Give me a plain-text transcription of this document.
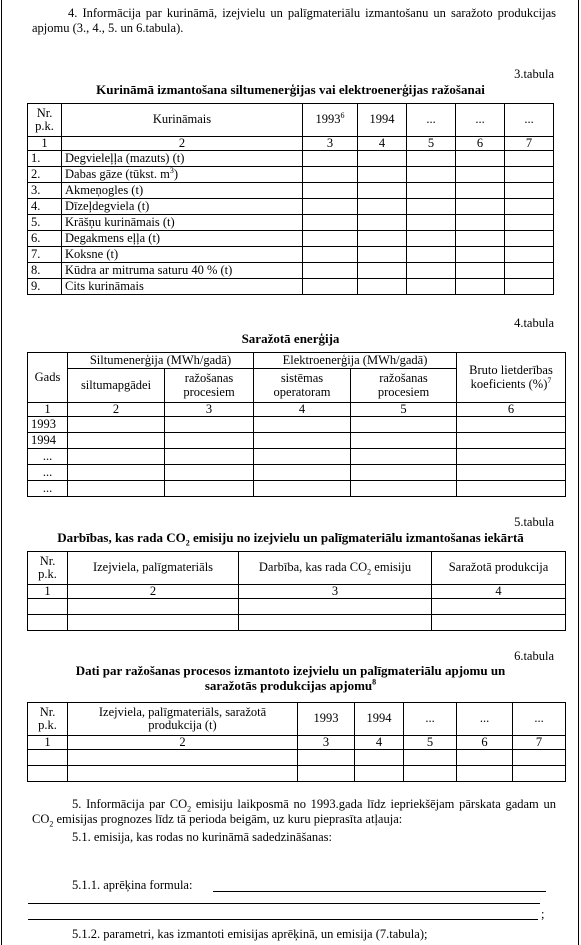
4. Informācija par kurināmā, izejvielu un palīgmateriālu izmantošanu un saražoto produkcijas apjomu (3., 4., 5. un 6.tabula).
3.tabula
Kurināmā izmantošana siltumenerģijas vai elektroenerģijas ražošanai
Nr. p.k.	Kurināmais	1993$^6$	1994	...	...	...
1	2	3	4	5	6	7
1.	Degvieleļļa (mazuts) (t)					
2.	Dabas gāze (tūkst. $m^3$)					
3.	Akmeņogles (t)					
4.	Dīzeļdegviela (t)					
5.	Krāšņu kurināmais (t)					
6.	Degakmens eļļa (t)					
7.	Koksne (t)					
8.	Kūdra ar mitruma saturu 40 % (t)					
9.	Cits kurināmais					
4.tabula
Saražotā enerģija
Gads	Siltumenerģija (MWh/gadā)		Elektroenerģija (MWh/gadā)		Bruto lietderības koeficients (%)$^7$
	siltumapgādei	ražošanas procesiem	sistēmas operatoram	ražošanas procesiem	
1	2	3	4	5	6
1993					
1994					
...					
...					
...					
5.tabula
Darbības, kas rada $CO_2$ emisiju no izejvielu un palīgmateriālu izmantošanas iekārtā
Nr. p.k.	Izejviela, palīgmateriāls	Darbība, kas rada $CO_2$ emisiju	Saražotā produkcija
1	2	3	4

6.tabula
Dati par ražošanas procesos izmantoto izejvielu un palīgmateriālu apjomu un saražotās produkcijas apjomu$^8$
Nr. p.k.	Izejviela, palīgmateriāls, saražotā produkcija (t)	1993	1994	...	...	...
1	2	3	4	5	6	7

5. Informācija par $CO_2$ emisiju laikposmā no 1993.gada līdz iepriekšējam pārskata gadam un $CO_2$ emisijas prognozes līdz tā perioda beigām, uz kuru pieprasīta atļauja:
5.1. emisija, kas rodas no kurināmā sadedzināšanas:
5.1.1. aprēķina formula:
;
5.1.2. parametri, kas izmantoti emisijas aprēķinā, un emisija (7.tabula);
